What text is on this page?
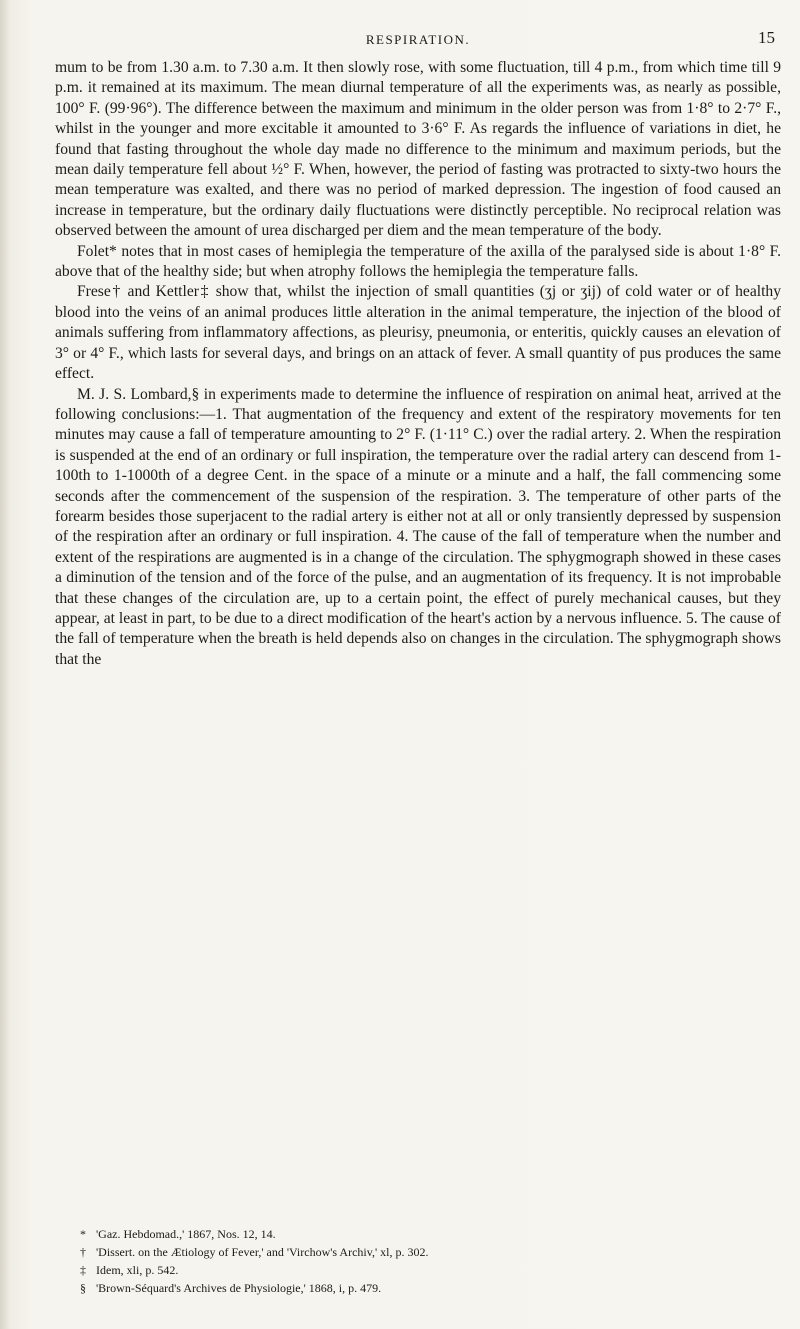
RESPIRATION.	15

mum to be from 1.30 a.m. to 7.30 a.m. It then slowly rose, with some fluctuation, till 4 p.m., from which time till 9 p.m. it remained at its maximum. The mean diurnal temperature of all the experiments was, as nearly as possible, 100° F. (99·96°). The difference between the maximum and minimum in the older person was from 1·8° to 2·7° F., whilst in the younger and more excitable it amounted to 3·6° F. As regards the influence of variations in diet, he found that fasting throughout the whole day made no difference to the minimum and maximum periods, but the mean daily temperature fell about ½° F. When, however, the period of fasting was protracted to sixty-two hours the mean temperature was exalted, and there was no period of marked depression. The ingestion of food caused an increase in temperature, but the ordinary daily fluctuations were distinctly perceptible. No reciprocal relation was observed between the amount of urea discharged per diem and the mean temperature of the body.

Folet* notes that in most cases of hemiplegia the temperature of the axilla of the paralysed side is about 1·8° F. above that of the healthy side; but when atrophy follows the hemiplegia the temperature falls.

Frese† and Kettler‡ show that, whilst the injection of small quantities (ʒj or ʒij) of cold water or of healthy blood into the veins of an animal produces little alteration in the animal temperature, the injection of the blood of animals suffering from inflammatory affections, as pleurisy, pneumonia, or enteritis, quickly causes an elevation of 3° or 4° F., which lasts for several days, and brings on an attack of fever. A small quantity of pus produces the same effect.

M. J. S. Lombard,§ in experiments made to determine the influence of respiration on animal heat, arrived at the following conclusions:—1. That augmentation of the frequency and extent of the respiratory movements for ten minutes may cause a fall of temperature amounting to 2° F. (1·11° C.) over the radial artery. 2. When the respiration is suspended at the end of an ordinary or full inspiration, the temperature over the radial artery can descend from 1-100th to 1-1000th of a degree Cent. in the space of a minute or a minute and a half, the fall commencing some seconds after the commencement of the suspension of the respiration. 3. The temperature of other parts of the forearm besides those superjacent to the radial artery is either not at all or only transiently depressed by suspension of the respiration after an ordinary or full inspiration. 4. The cause of the fall of temperature when the number and extent of the respirations are augmented is in a change of the circulation. The sphygmograph showed in these cases a diminution of the tension and of the force of the pulse, and an augmentation of its frequency. It is not improbable that these changes of the circulation are, up to a certain point, the effect of purely mechanical causes, but they appear, at least in part, to be due to a direct modification of the heart's action by a nervous influence. 5. The cause of the fall of temperature when the breath is held depends also on changes in the circulation. The sphygmograph shows that the

* 'Gaz. Hebdomad.,' 1867, Nos. 12, 14.
† 'Dissert. on the Ætiology of Fever,' and 'Virchow's Archiv,' xl, p. 302.
‡ Idem, xli, p. 542.
§ 'Brown-Séquard's Archives de Physiologie,' 1868, i, p. 479.
